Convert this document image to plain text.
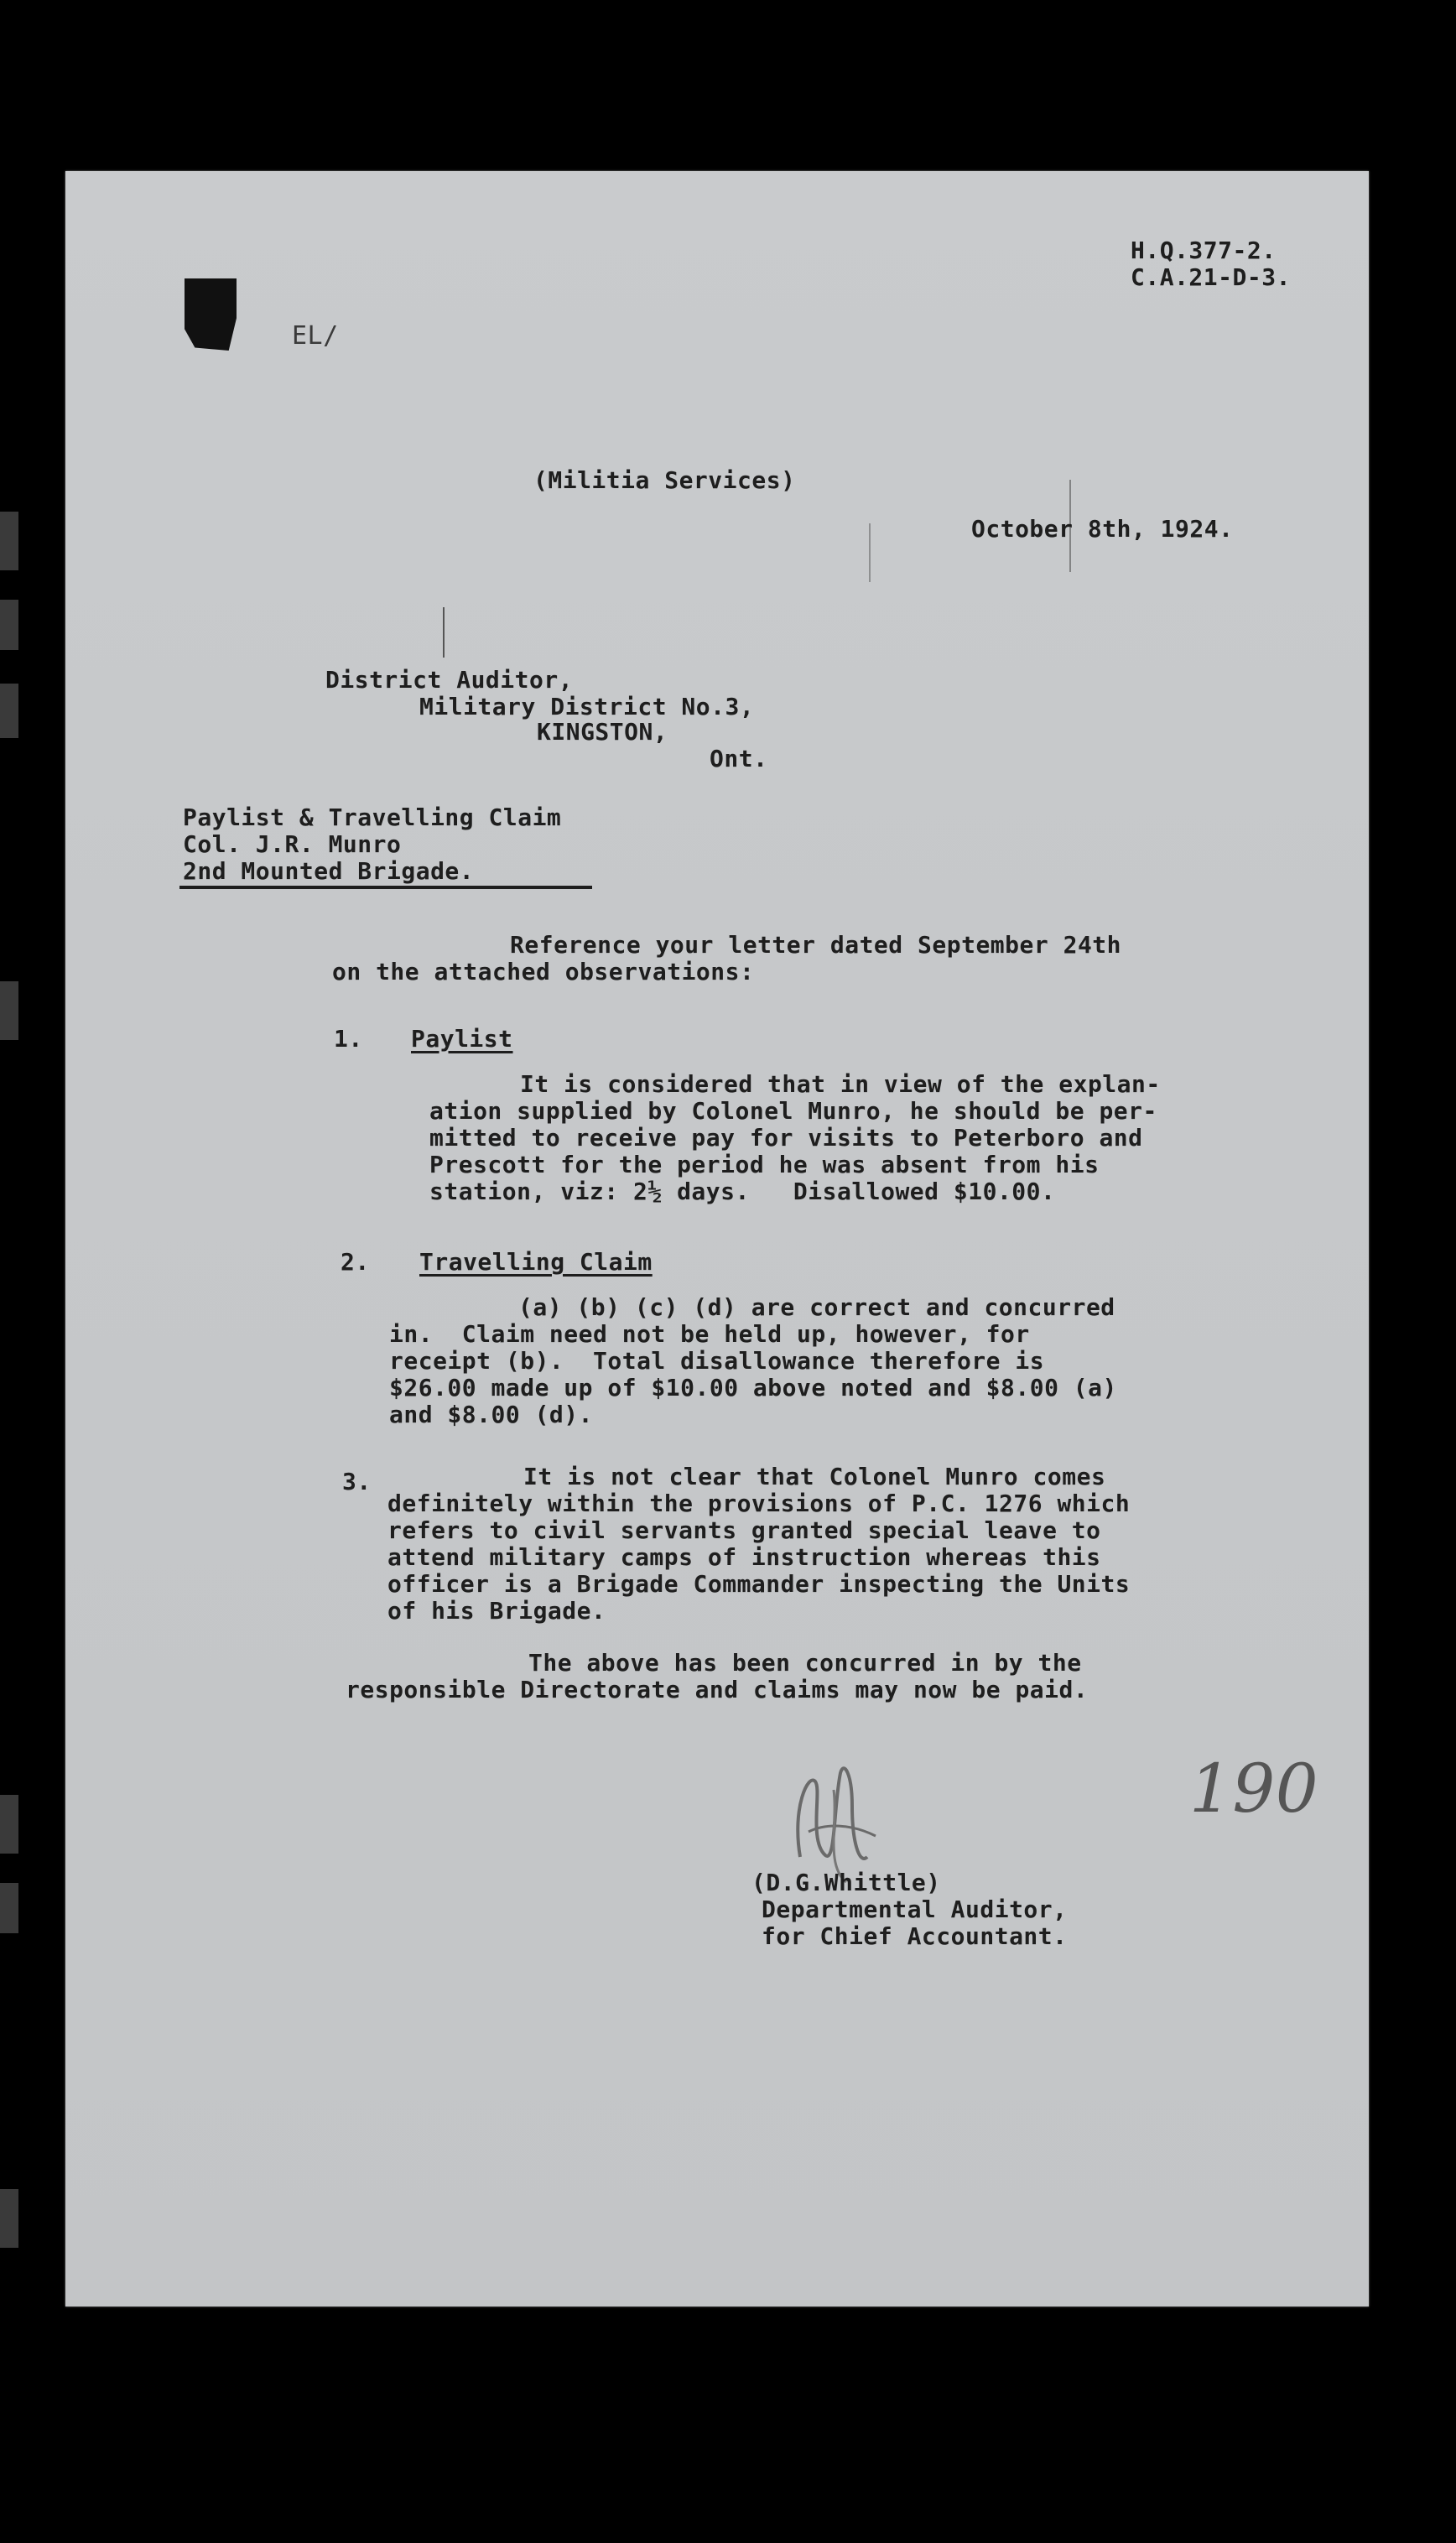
H.Q.377-2.
C.A.21-D-3.
EL/
(Militia Services)
October 8th, 1924.
District Auditor,
Military District No.3,
KINGSTON,
Ont.
Paylist & Travelling Claim
Col. J.R. Munro
2nd Mounted Brigade.
Reference your letter dated September 24th
on the attached observations:
1. Paylist
It is considered that in view of the explan-
ation supplied by Colonel Munro, he should be per-
mitted to receive pay for visits to Peterboro and
Prescott for the period he was absent from his
station, viz: 2½ days.   Disallowed $10.00.
2. Travelling Claim
(a) (b) (c) (d) are correct and concurred
in.  Claim need not be held up, however, for
receipt (b).  Total disallowance therefore is
$26.00 made up of $10.00 above noted and $8.00 (a)
and $8.00 (d).
3.	It is not clear that Colonel Munro comes
definitely within the provisions of P.C. 1276 which
refers to civil servants granted special leave to
attend military camps of instruction whereas this
officer is a Brigade Commander inspecting the Units
of his Brigade.
The above has been concurred in by the
responsible Directorate and claims may now be paid.
190
(D.G.Whittle)
Departmental Auditor,
for Chief Accountant.
